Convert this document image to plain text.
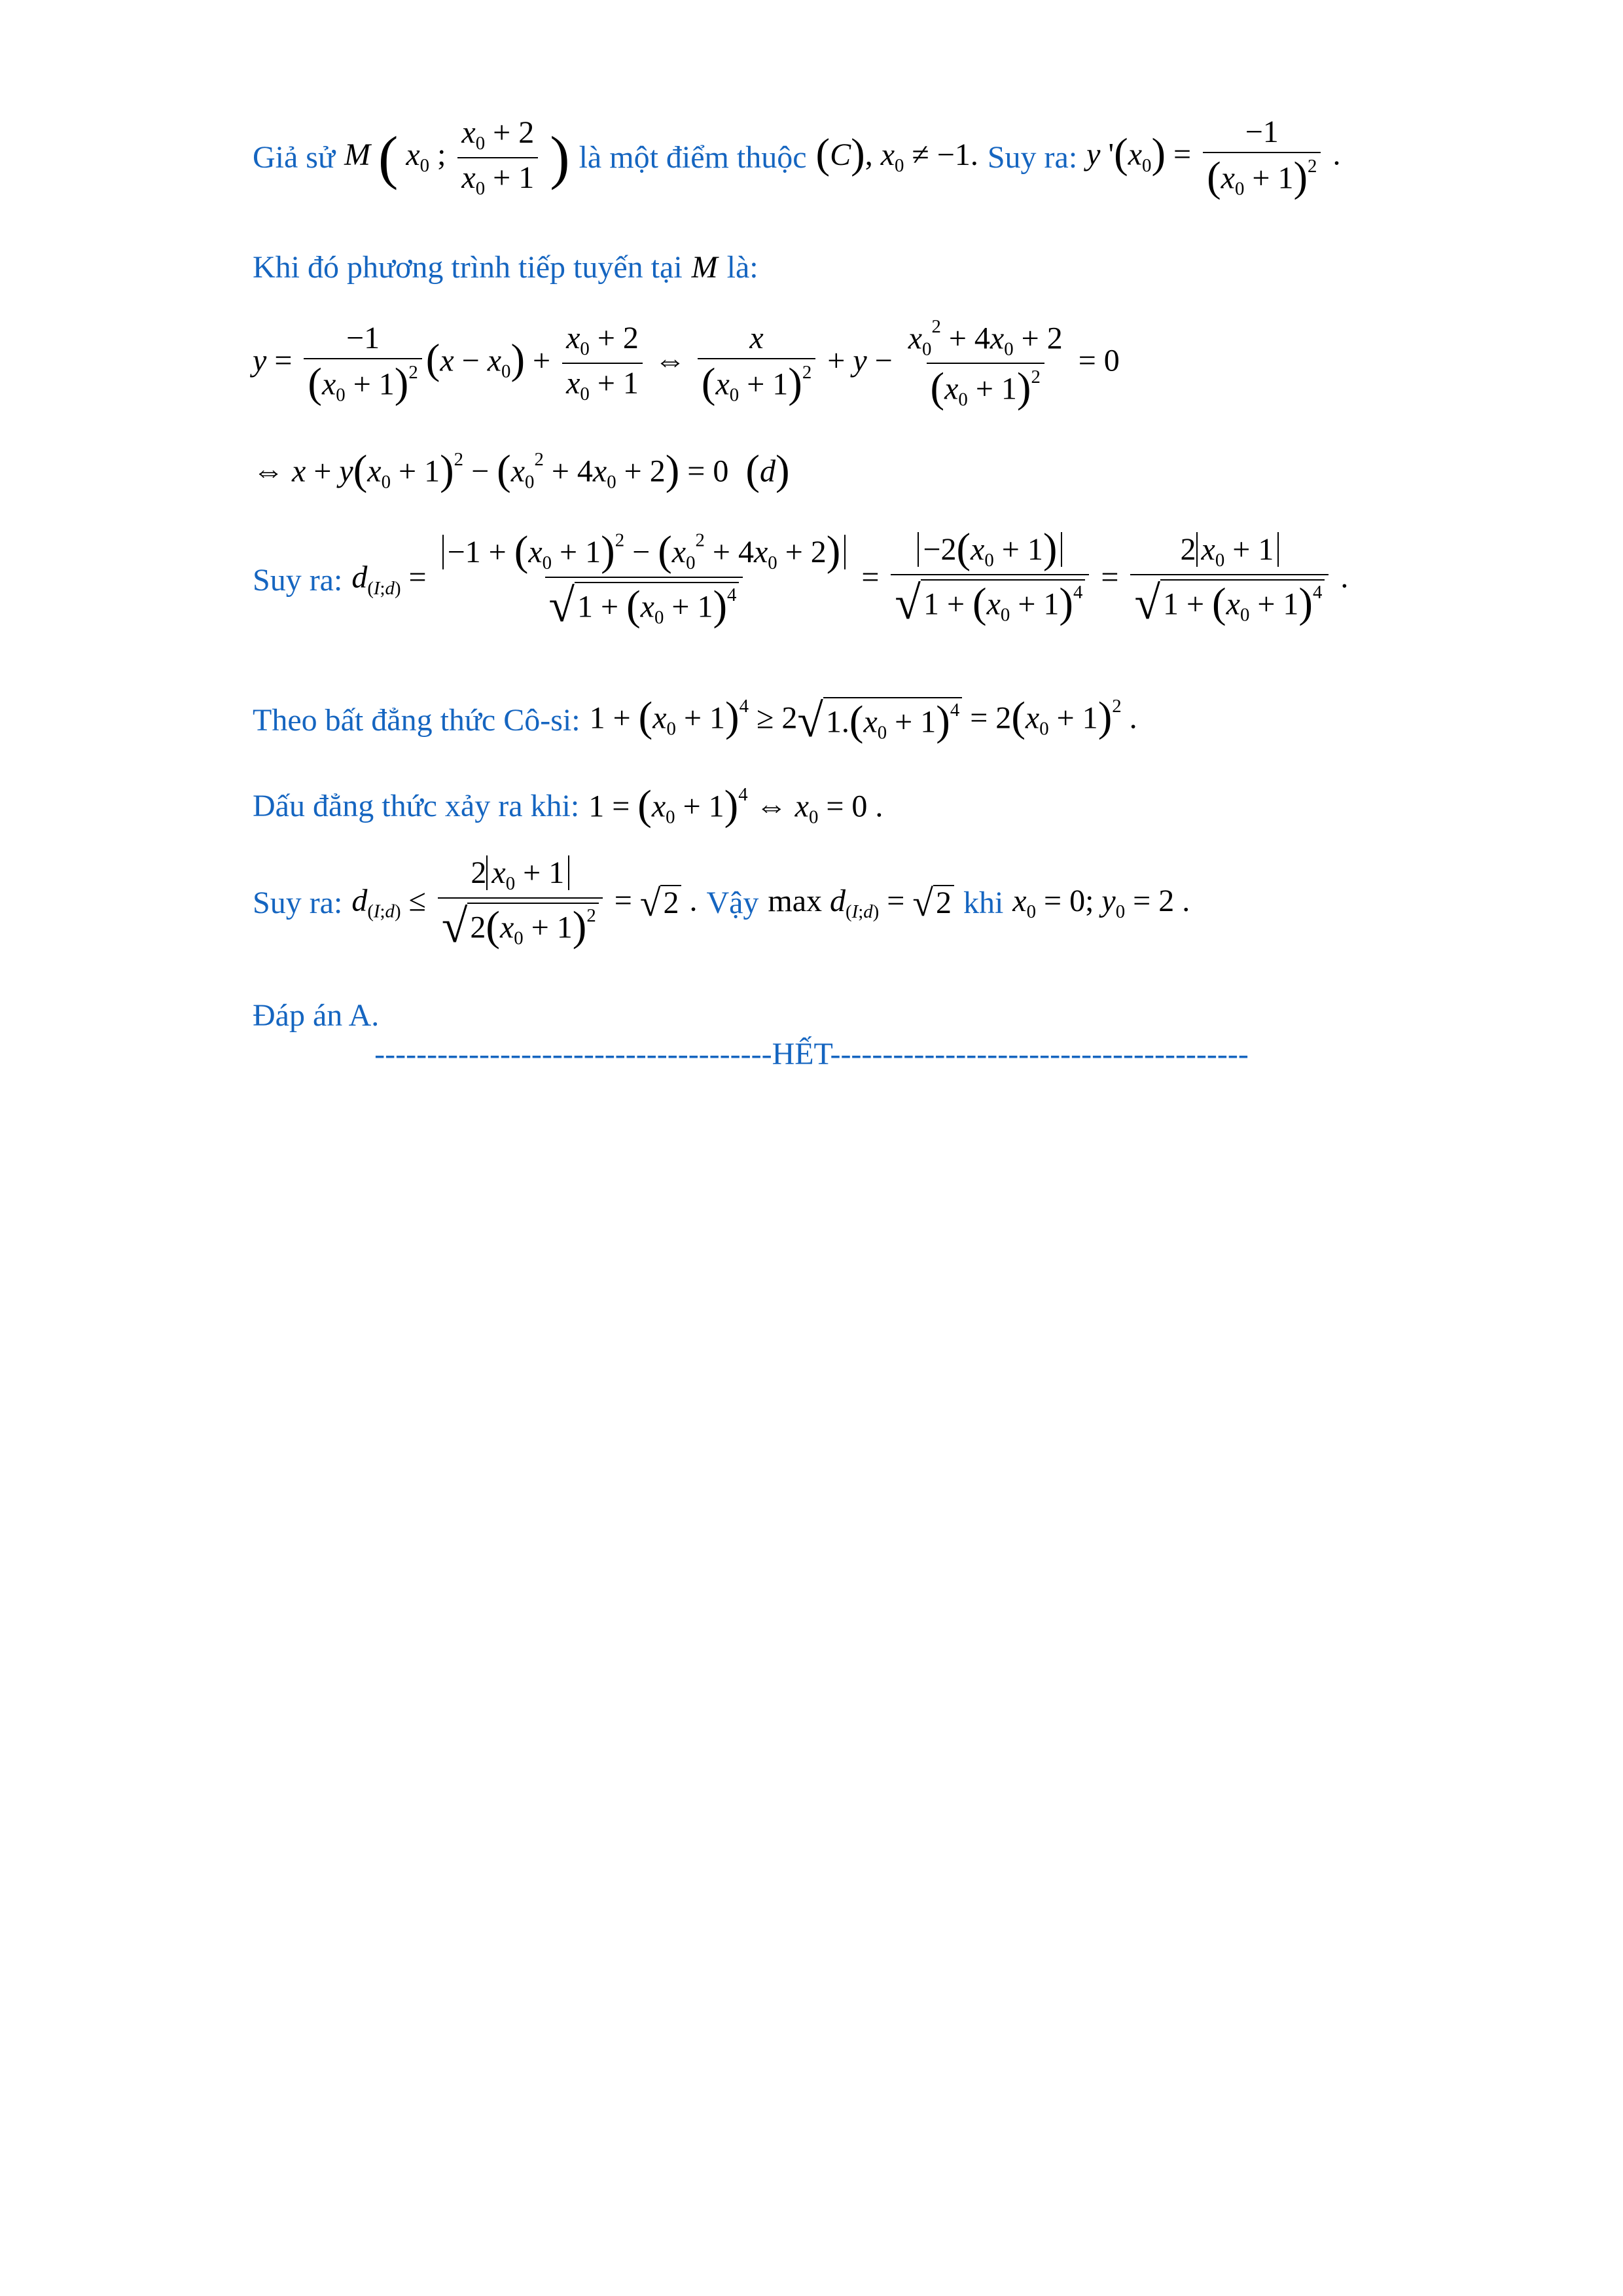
Giả sử M ( $x_0$ ; $\frac{x_0 + 2}{x_0 + 1}$ ) là một điểm thuộc (C), $x_0 \ne -1$. Suy ra: y '$(x_0) = \frac{-1}{(x_0 + 1)^2}$ .
Khi đó phương trình tiếp tuyến tại M là:
$y = \frac{-1}{(x_0 + 1)^2} (x - x_0) + \frac{x_0 + 2}{x_0 + 1}$ ⇔ $\frac{x}{(x_0 + 1)^2} + y - \frac{x_0^2 + 4x_0 + 2}{(x_0 + 1)^2} = 0$
⇔ $x + y(x_0 + 1)^2 - (x_0^2 + 4x_0 + 2) = 0$ (d)
Suy ra: $d_{(I;d)} = \frac{-1 + (x_0 + 1)^2 - (x_0^2 + 4x_0 + 2)}{√ 1 + (x_0 + 1)^4} = \frac{-2(x_0 + 1)}{√ 1 + (x_0 + 1)^4} = \frac{2 x_0 + 1}{√ 1 + (x_0 + 1)^4}$ .
Theo bất đẳng thức Cô-si: $1 + (x_0 + 1)^4 \ge 2$ √ $1.(x_0 + 1)^4 = 2(x_0 + 1)^2$ .
Dấu đẳng thức xảy ra khi: $1 = (x_0 + 1)^4$ ⇔ $x_0 = 0$ .
Suy ra: $d_{(I;d)} \le \frac{2 x_0 + 1}{√ 2(x_0 + 1)^2}$ = √ 2 . Vậy $\max d_{(I;d)}$ = √ 2 khi $x_0 = 0$; $y_0 = 2$ .
Đáp án A.
--------------------------------------HẾT----------------------------------------
